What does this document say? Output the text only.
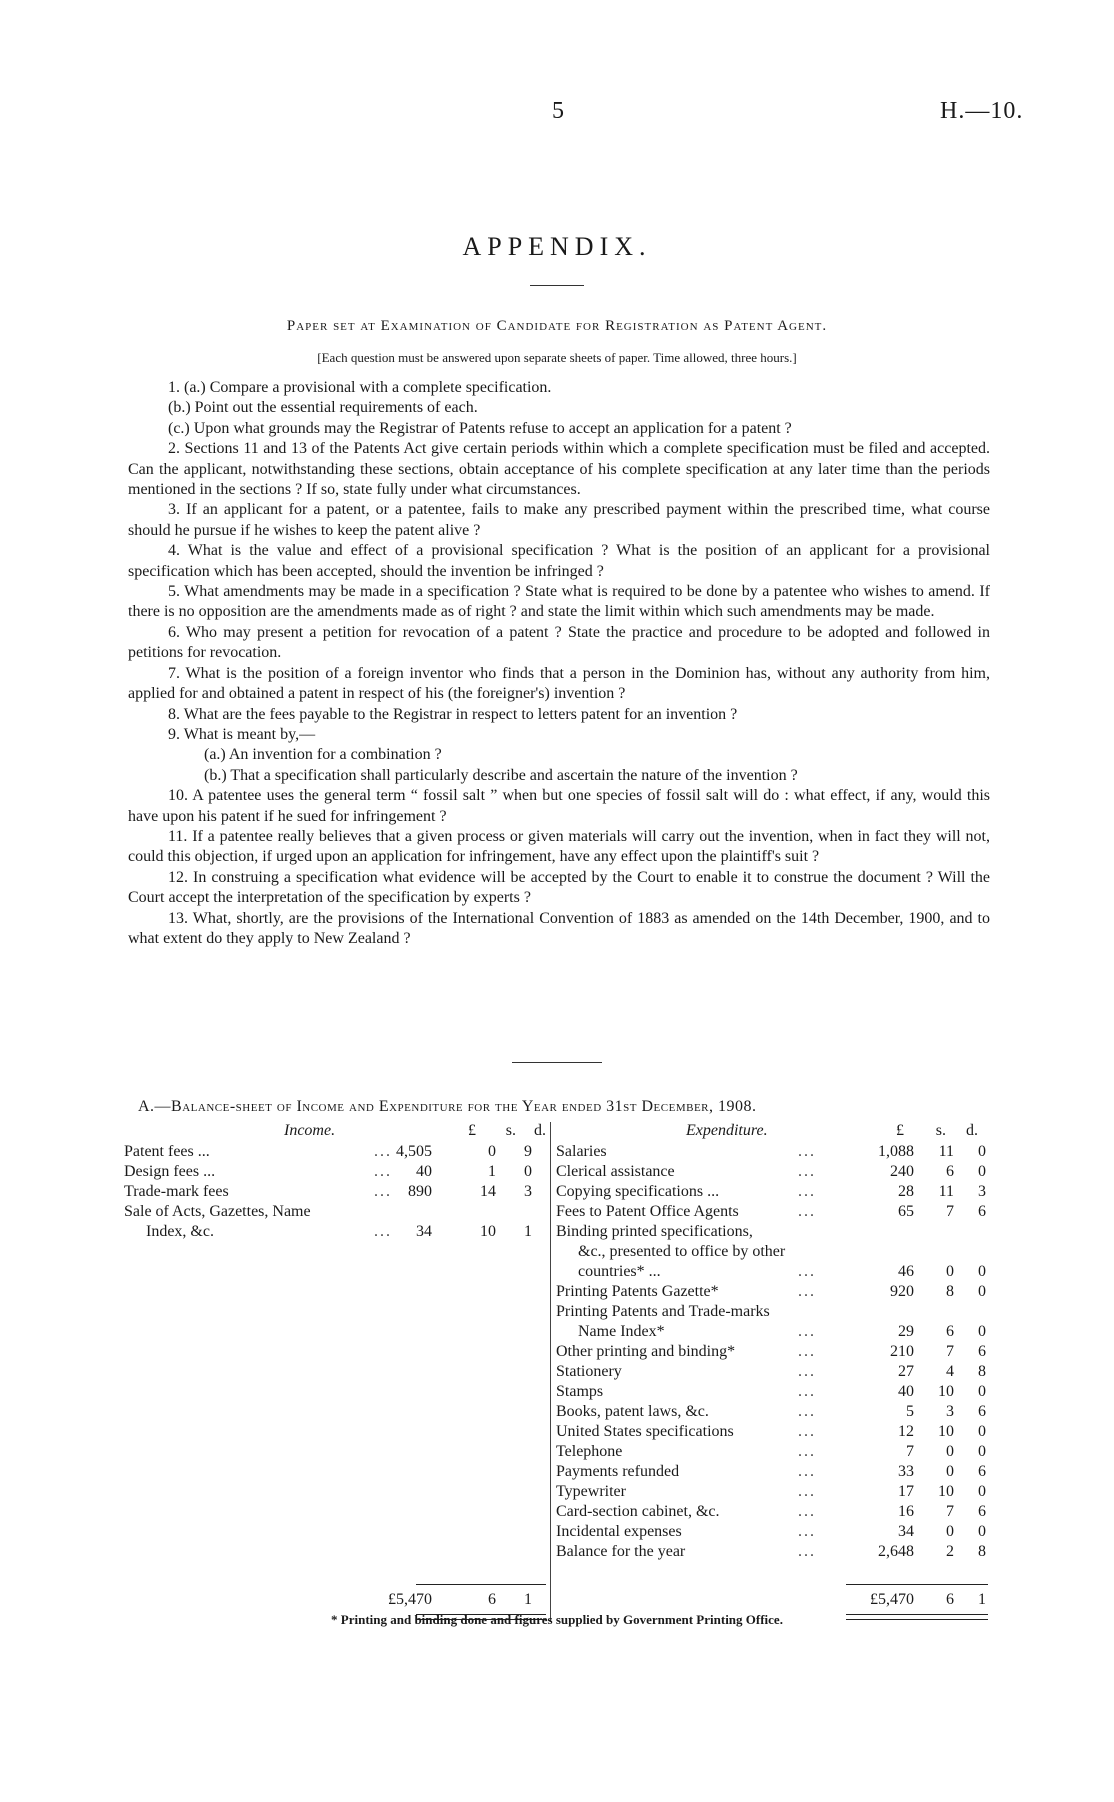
5	H.—10.
APPENDIX.
Paper set at Examination of Candidate for Registration as Patent Agent.
[Each question must be answered upon separate sheets of paper. Time allowed, three hours.]

1. (a.) Compare a provisional with a complete specification.

(b.) Point out the essential requirements of each.

(c.) Upon what grounds may the Registrar of Patents refuse to accept an application for a patent ?

2. Sections 11 and 13 of the Patents Act give certain periods within which a complete specification must be filed and accepted. Can the applicant, notwithstanding these sections, obtain acceptance of his complete specification at any later time than the periods mentioned in the sections ? If so, state fully under what circumstances.

3. If an applicant for a patent, or a patentee, fails to make any prescribed payment within the prescribed time, what course should he pursue if he wishes to keep the patent alive ?

4. What is the value and effect of a provisional specification ? What is the position of an applicant for a provisional specification which has been accepted, should the invention be infringed ?

5. What amendments may be made in a specification ? State what is required to be done by a patentee who wishes to amend. If there is no opposition are the amendments made as of right ? and state the limit within which such amendments may be made.

6. Who may present a petition for revocation of a patent ? State the practice and procedure to be adopted and followed in petitions for revocation.

7. What is the position of a foreign inventor who finds that a person in the Dominion has, without any authority from him, applied for and obtained a patent in respect of his (the foreigner's) invention ?

8. What are the fees payable to the Registrar in respect to letters patent for an invention ?

9. What is meant by,—

(a.) An invention for a combination ?

(b.) That a specification shall particularly describe and ascertain the nature of the invention ?

10. A patentee uses the general term “ fossil salt ” when but one species of fossil salt will do : what effect, if any, would this have upon his patent if he sued for infringement ?

11. If a patentee really believes that a given process or given materials will carry out the invention, when in fact they will not, could this objection, if urged upon an application for infringement, have any effect upon the plaintiff's suit ?

12. In construing a specification what evidence will be accepted by the Court to enable it to construe the document ? Will the Court accept the interpretation of the specification by experts ?

13. What, shortly, are the provisions of the International Convention of 1883 as amended on the 14th December, 1900, and to what extent do they apply to New Zealand ?

A.—Balance-sheet of Income and Expenditure for the Year ended 31st December, 1908.
Income.	£	s.	d.
Patent fees ...	... 4,505	0 9
Design fees ...	... 40	1 0
Trade-mark fees	... 890	14 3
Sale of Acts, Gazettes, Name
Index, &c.	... 34	10 1
£5,470	6 1
Expenditure.	£	s.	d.
Salaries	...	1,088 11 0
Clerical assistance	...	240 6 0
Copying specifications ...	...	28 11 3
Fees to Patent Office Agents	...	65 7 6
Binding printed specifications,
&c., presented to office by other
countries* ...	...	46 0 0
Printing Patents Gazette*	...	920 8 0
Printing Patents and Trade-marks
Name Index*	...	29 6 0
Other printing and binding*	...	210 7 6
Stationery	...	27 4 8
Stamps	...	40 10 0
Books, patent laws, &c.	...	5 3 6
United States specifications	...	12 10 0
Telephone	...	7 0 0
Payments refunded	...	33 0 6
Typewriter	...	17 10 0
Card-section cabinet, &c.	...	16 7 6
Incidental expenses	...	34 0 0
Balance for the year	...	2,648 2 8
£5,470 6 1
* Printing and binding done and figures supplied by Government Printing Office.
